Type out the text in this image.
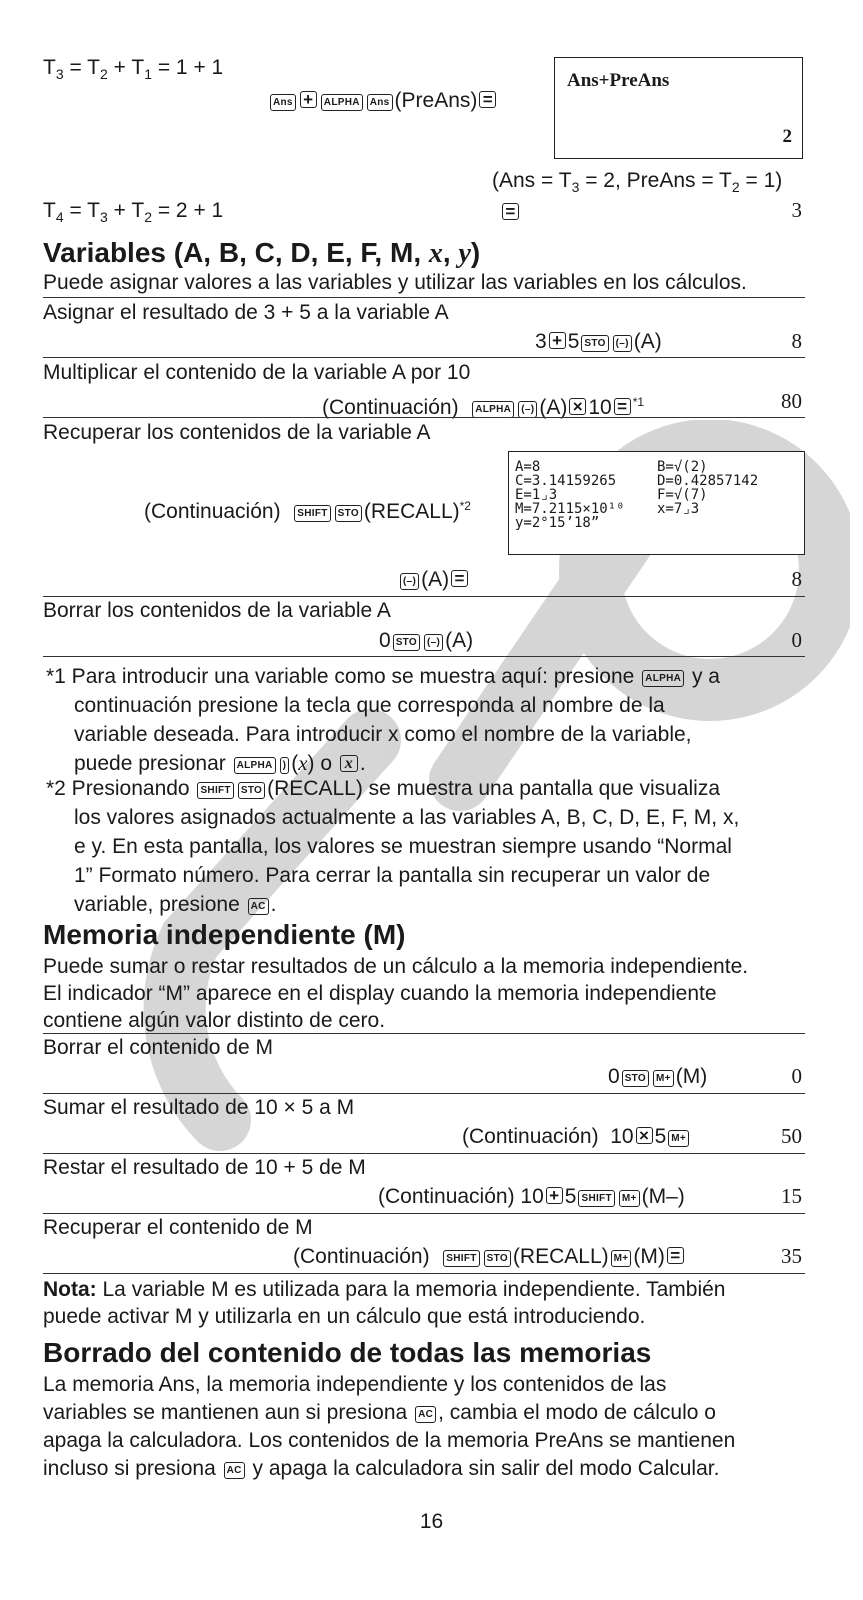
$T_3 = T_2 + T_1 = 1 + 1$
Ans + ALPHA Ans (PreAns) =
Ans+PreAns
2
($Ans = T_3 = 2$, PreAns = $T_2 = 1$)
$T_4 = T_3 + T_2 = 2 + 1$	=	3
Variables (A, B, C, D, E, F, M, x, y)
Puede asignar valores a las variables y utilizar las variables en los cálculos.
Asignar el resultado de 3 + 5 a la variable A
3 + 5 STO (–) (A)	8
Multiplicar el contenido de la variable A por 10
(Continuación) ALPHA (–) (A) × 10 = $^{*1}$	80
Recuperar los contenidos de la variable A
(Continuación) SHIFT STO (RECALL)$^{*2}$
A=8	B=√(2)
C=3.14159265	D=0.42857142
E=1⌟3	F=√(7)
M=7.2115×10¹⁰ x=7⌟3
y=2°15’18”
(–) (A) =	8
Borrar los contenidos de la variable A
0 STO (–) (A)	0
*1 Para introducir una variable como se muestra aquí: presione ALPHA y a
continuación presione la tecla que corresponda al nombre de la
variable deseada. Para introducir x como el nombre de la variable,
puede presionar ALPHA ) (x) o x .
*2 Presionando SHIFT STO (RECALL) se muestra una pantalla que visualiza
los valores asignados actualmente a las variables A, B, C, D, E, F, M, x,
e y. En esta pantalla, los valores se muestran siempre usando “Normal
1” Formato número. Para cerrar la pantalla sin recuperar un valor de
variable, presione AC .
Memoria independiente (M)
Puede sumar o restar resultados de un cálculo a la memoria independiente.
El indicador “M” aparece en el display cuando la memoria independiente
contiene algún valor distinto de cero.
Borrar el contenido de M
0 STO M+ (M)	0
Sumar el resultado de 10 × 5 a M
(Continuación)  10 × 5 M+	50
Restar el resultado de 10 + 5 de M
(Continuación) 10 + 5 SHIFT M+ (M–)	15
Recuperar el contenido de M
(Continuación) SHIFT STO (RECALL) M+ (M) =	35
Nota: La variable M es utilizada para la memoria independiente. También
puede activar M y utilizarla en un cálculo que está introduciendo.
Borrado del contenido de todas las memorias
La memoria Ans, la memoria independiente y los contenidos de las
variables se mantienen aun si presiona AC , cambia el modo de cálculo o
apaga la calculadora. Los contenidos de la memoria PreAns se mantienen
incluso si presiona AC y apaga la calculadora sin salir del modo Calcular.
16
